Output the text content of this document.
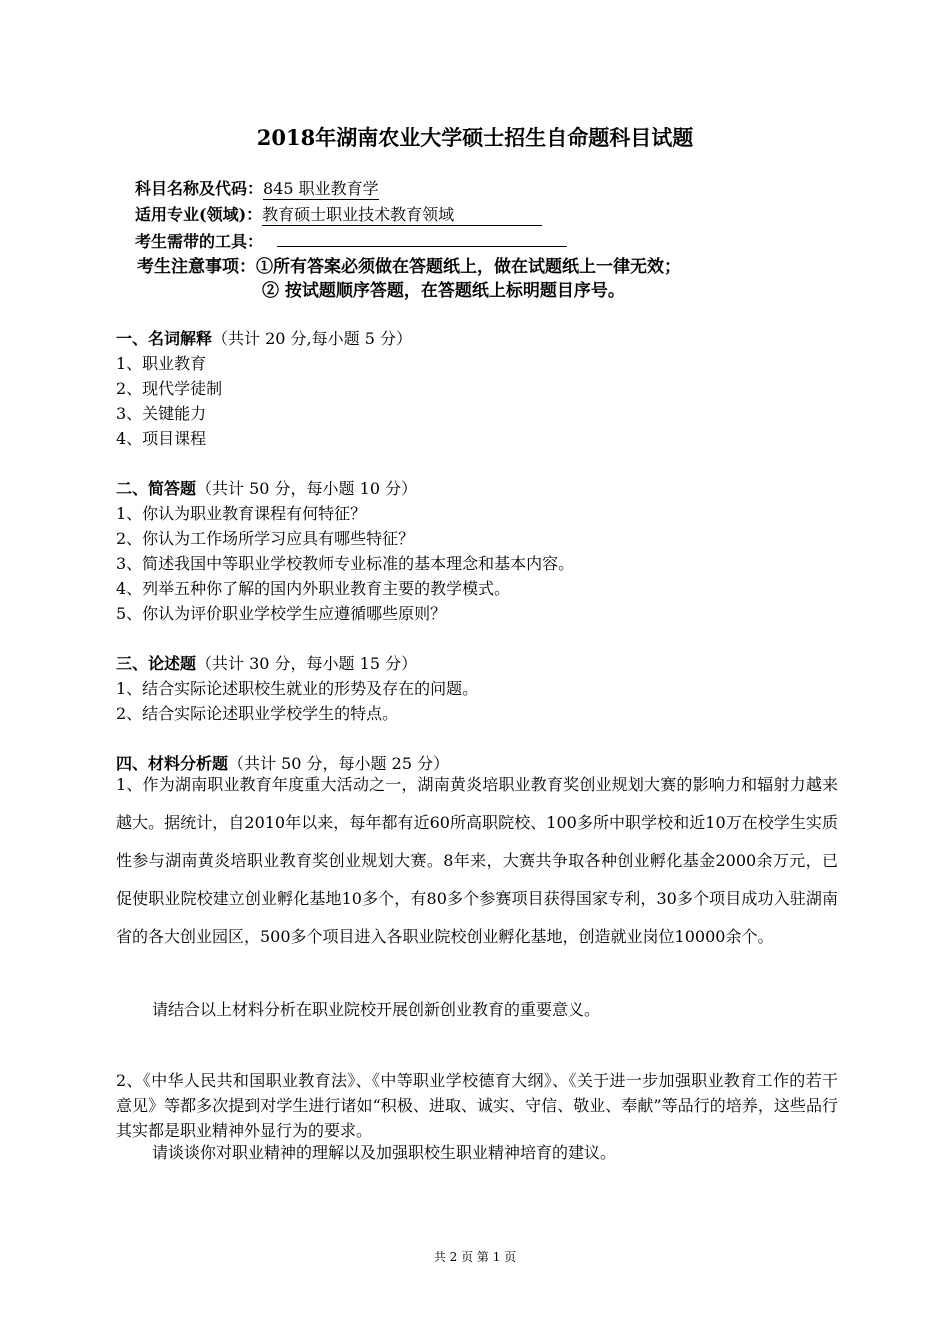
2018年湖南农业大学硕士招生自命题科目试题
科目名称及代码：845 职业教育学
适用专业(领域)：教育硕士职业技术教育领域
考生需带的工具：
考生注意事项：①所有答案必须做在答题纸上，做在试题纸上一律无效；
② 按试题顺序答题，在答题纸上标明题目序号。
一、名词解释（共计 20 分,每小题 5 分）
1、职业教育
2、现代学徒制
3、关键能力
4、项目课程
二、简答题（共计 50 分，每小题 10 分）
1、你认为职业教育课程有何特征？
2、你认为工作场所学习应具有哪些特征？
3、简述我国中等职业学校教师专业标准的基本理念和基本内容。
4、列举五种你了解的国内外职业教育主要的教学模式。
5、你认为评价职业学校学生应遵循哪些原则？
三、论述题（共计 30 分，每小题 15 分）
1、结合实际论述职校生就业的形势及存在的问题。
2、结合实际论述职业学校学生的特点。
四、材料分析题（共计 50 分，每小题 25 分）
1、作为湖南职业教育年度重大活动之一，湖南黄炎培职业教育奖创业规划大赛的影响力和辐射力越来越大。据统计，自2010年以来，每年都有近60所高职院校、100多所中职学校和近10万在校学生实质性参与湖南黄炎培职业教育奖创业规划大赛。8年来，大赛共争取各种创业孵化基金2000余万元，已促使职业院校建立创业孵化基地10多个，有80多个参赛项目获得国家专利，30多个项目成功入驻湖南省的各大创业园区，500多个项目进入各职业院校创业孵化基地，创造就业岗位10000余个。
请结合以上材料分析在职业院校开展创新创业教育的重要意义。
2、《中华人民共和国职业教育法》、《中等职业学校德育大纲》、《关于进一步加强职业教育工作的若干意见》等都多次提到对学生进行诸如“积极、进取、诚实、守信、敬业、奉献”等品行的培养，这些品行其实都是职业精神外显行为的要求。
请谈谈你对职业精神的理解以及加强职校生职业精神培育的建议。
共 2 页 第 1 页
